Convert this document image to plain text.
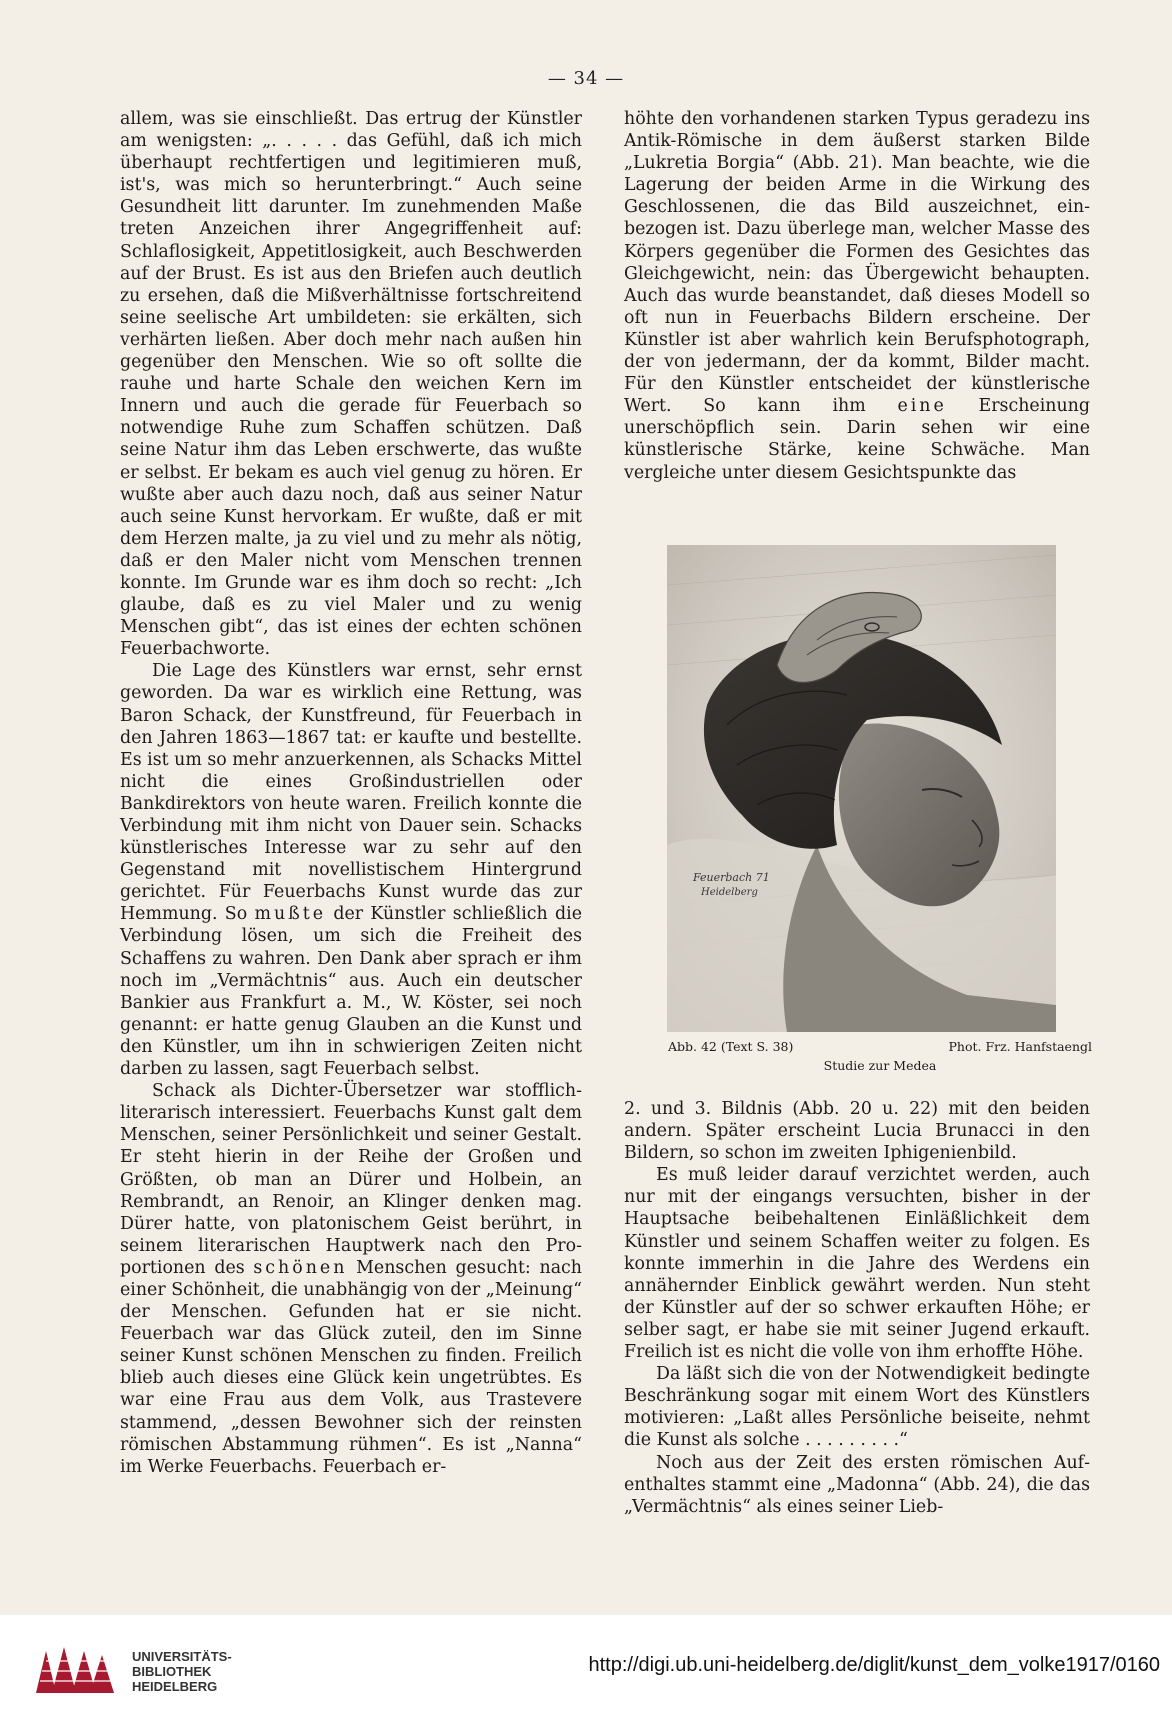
— 34 —

allem, was sie einschließt. Das ertrug der Künstler am wenigsten: „. . . . . das Gefühl, daß ich mich überhaupt rechtfertigen und legitimieren muß, ist's, was mich so herunterbringt.“ Auch seine Gesundheit litt darunter. Im zunehmenden Maße treten Anzeichen ihrer Angegriffenheit auf: Schlaflosigkeit, Appetitlosigkeit, auch Beschwerden auf der Brust. Es ist aus den Briefen auch deutlich zu ersehen, daß die Mißverhältnisse fortschreitend seine seelische Art umbildeten: sie erkälten, sich verhärten ließen. Aber doch mehr nach außen hin gegenüber den Menschen. Wie so oft sollte die rauhe und harte Schale den weichen Kern im Innern und auch die gerade für Feuerbach so notwendige Ruhe zum Schaffen schützen. Daß seine Natur ihm das Leben erschwerte, das wußte er selbst. Er bekam es auch viel genug zu hören. Er wußte aber auch dazu noch, daß aus seiner Natur auch seine Kunst hervorkam. Er wußte, daß er mit dem Herzen malte, ja zu viel und zu mehr als nötig, daß er den Maler nicht vom Menschen trennen konnte. Im Grunde war es ihm doch so recht: „Ich glaube, daß es zu viel Maler und zu wenig Menschen gibt“, das ist eines der echten schönen Feuerbachworte.

Die Lage des Künstlers war ernst, sehr ernst geworden. Da war es wirklich eine Rettung, was Baron Schack, der Kunstfreund, für Feuerbach in den Jahren 1863—1867 tat: er kaufte und bestellte. Es ist um so mehr anzuerkennen, als Schacks Mittel nicht die eines Großindustriellen oder Bankdirektors von heute waren. Freilich konnte die Verbindung mit ihm nicht von Dauer sein. Schacks künstlerisches Interesse war zu sehr auf den Gegenstand mit novellistischem Hintergrund gerichtet. Für Feuerbachs Kunst wurde das zur Hemmung. So mußte der Künstler schließlich die Verbindung lösen, um sich die Freiheit des Schaffens zu wahren. Den Dank aber sprach er ihm noch im „Vermächtnis“ aus. Auch ein deutscher Bankier aus Frankfurt a. M., W. Köster, sei noch genannt: er hatte genug Glauben an die Kunst und den Künstler, um ihn in schwierigen Zeiten nicht darben zu lassen, sagt Feuerbach selbst.

Schack als Dichter-Übersetzer war stofflich-literarisch interessiert. Feuerbachs Kunst galt dem Menschen, seiner Persönlichkeit und seiner Gestalt. Er steht hierin in der Reihe der Großen und Größten, ob man an Dürer und Holbein, an Rembrandt, an Renoir, an Klinger denken mag. Dürer hatte, von platonischem Geist berührt, in seinem literarischen Hauptwerk nach den Proportionen des schönen Menschen gesucht: nach einer Schönheit, die unabhängig von der „Meinung“ der Menschen. Gefunden hat er sie nicht. Feuerbach war das Glück zuteil, den im Sinne seiner Kunst schönen Menschen zu finden. Freilich blieb auch dieses eine Glück kein ungetrübtes. Es war eine Frau aus dem Volk, aus Trastevere stammend, „dessen Bewohner sich der reinsten römischen Abstammung rühmen“. Es ist „Nanna“ im Werke Feuerbachs. Feuerbach er-

höhte den vorhandenen starken Typus geradezu ins Antik-Römische in dem äußerst starken Bilde „Lukretia Borgia“ (Abb. 21). Man beachte, wie die Lagerung der beiden Arme in die Wirkung des Geschlossenen, die das Bild auszeichnet, einbezogen ist. Dazu überlege man, welcher Masse des Körpers gegenüber die Formen des Gesichtes das Gleichgewicht, nein: das Übergewicht behaupten. Auch das wurde beanstandet, daß dieses Modell so oft nun in Feuerbachs Bildern erscheine. Der Künstler ist aber wahrlich kein Berufsphotograph, der von jedermann, der da kommt, Bilder macht. Für den Künstler entscheidet der künstlerische Wert. So kann ihm eine Erscheinung unerschöpflich sein. Darin sehen wir eine künstlerische Stärke, keine Schwäche. Man vergleiche unter diesem Gesichtspunkte das

Feuerbach 71
Heidelberg
Abb. 42 (Text S. 38)	Phot. Frz. Hanfstaengl
Studie zur Medea

2. und 3. Bildnis (Abb. 20 u. 22) mit den beiden andern. Später erscheint Lucia Brunacci in den Bildern, so schon im zweiten Iphigenienbild.

Es muß leider darauf verzichtet werden, auch nur mit der eingangs versuchten, bisher in der Hauptsache beibehaltenen Einläßlichkeit dem Künstler und seinem Schaffen weiter zu folgen. Es konnte immerhin in die Jahre des Werdens ein annähernder Einblick gewährt werden. Nun steht der Künstler auf der so schwer erkauften Höhe; er selber sagt, er habe sie mit seiner Jugend erkauft. Freilich ist es nicht die volle von ihm erhoffte Höhe.

Da läßt sich die von der Notwendigkeit bedingte Beschränkung sogar mit einem Wort des Künstlers motivieren: „Laßt alles Persönliche beiseite, nehmt die Kunst als solche . . . . . . . . .“

Noch aus der Zeit des ersten römischen Aufenthaltes stammt eine „Madonna“ (Abb. 24), die das „Vermächtnis“ als eines seiner Lieb-

UNIVERSITÄTS-
BIBLIOTHEK
HEIDELBERG
http://digi.ub.uni-heidelberg.de/diglit/kunst_dem_volke1917/0160
